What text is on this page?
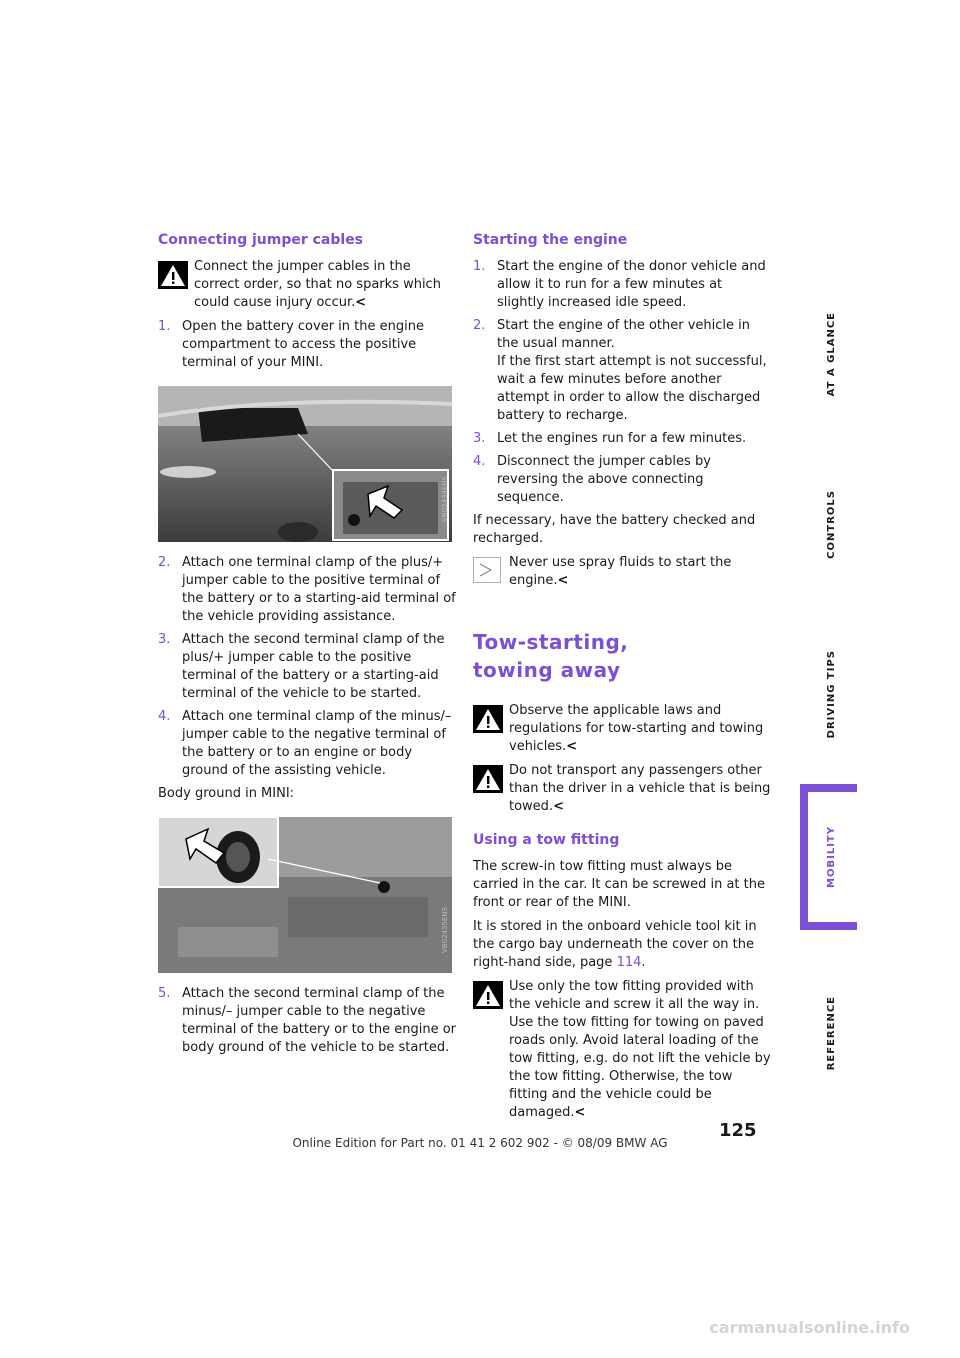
Connecting jumper cables
Connect the jumper cables in the correct order, so that no sparks which could cause injury occur.<
1. Open the battery cover in the engine compartment to access the positive terminal of your MINI.
VB02434ENS
2. Attach one terminal clamp of the plus/+ jumper cable to the positive terminal of the battery or to a starting-aid terminal of the vehicle providing assistance.
3. Attach the second terminal clamp of the plus/+ jumper cable to the positive terminal of the battery or a starting-aid terminal of the vehicle to be started.
4. Attach one terminal clamp of the minus/– jumper cable to the negative terminal of the battery or to an engine or body ground of the assisting vehicle.

Body ground in MINI:

VB02435ENS
5. Attach the second terminal clamp of the minus/– jumper cable to the negative terminal of the battery or to the engine or body ground of the vehicle to be started.
Starting the engine
1. Start the engine of the donor vehicle and allow it to run for a few minutes at slightly increased idle speed.
2. Start the engine of the other vehicle in the usual manner.
If the first start attempt is not successful, wait a few minutes before another attempt in order to allow the discharged battery to recharge.
3. Let the engines run for a few minutes.
4. Disconnect the jumper cables by reversing the above connecting sequence.

If necessary, have the battery checked and recharged.

Never use spray fluids to start the engine.<
Tow-starting,
towing away
Observe the applicable laws and regulations for tow-starting and towing vehicles.<
Do not transport any passengers other than the driver in a vehicle that is being towed.<
Using a tow fitting

The screw-in tow fitting must always be carried in the car. It can be screwed in at the front or rear of the MINI.

It is stored in the onboard vehicle tool kit in the cargo bay underneath the cover on the right-hand side, page 114.

Use only the tow fitting provided with the vehicle and screw it all the way in. Use the tow fitting for towing on paved roads only. Avoid lateral loading of the tow fitting, e.g. do not lift the vehicle by the tow fitting. Otherwise, the tow fitting and the vehicle could be damaged.<
AT A GLANCE
CONTROLS
DRIVING TIPS
MOBILITY
REFERENCE
125
Online Edition for Part no. 01 41 2 602 902 - © 08/09 BMW AG
carmanualsonline.info
